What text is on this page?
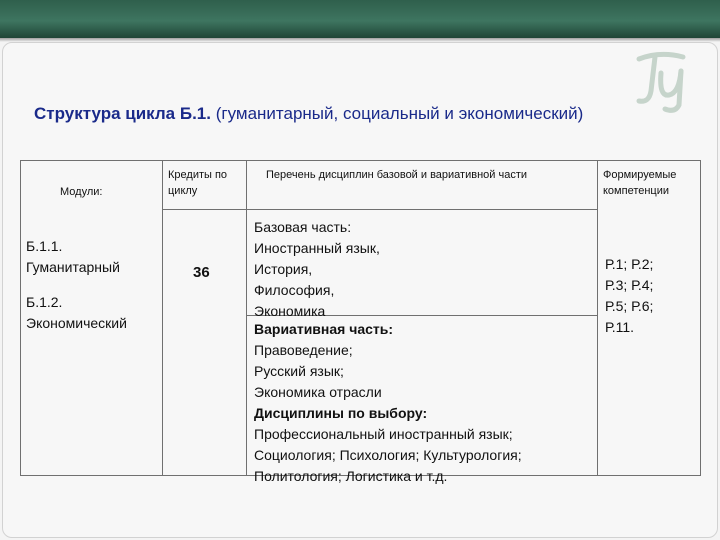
Структура цикла Б.1. (гуманитарный, социальный и экономический)
Модули:
Кредиты по
циклу
Перечень дисциплин базовой и вариативной части	Формируемые
компетенции
Б.1.1.
Гуманитарный
Б.1.2.
Экономический
36
Базовая часть:
Иностранный язык,
История,
Философия,
Экономика
Вариативная часть:
Правоведение;
Русский язык;
Экономика отрасли
Дисциплины по выбору:
Профессиональный иностранный язык;
Социология; Психология; Культурология;
Политология; Логистика и т.д.
Р.1; Р.2;
Р.3; Р.4;
Р.5; Р.6;
Р.11.
